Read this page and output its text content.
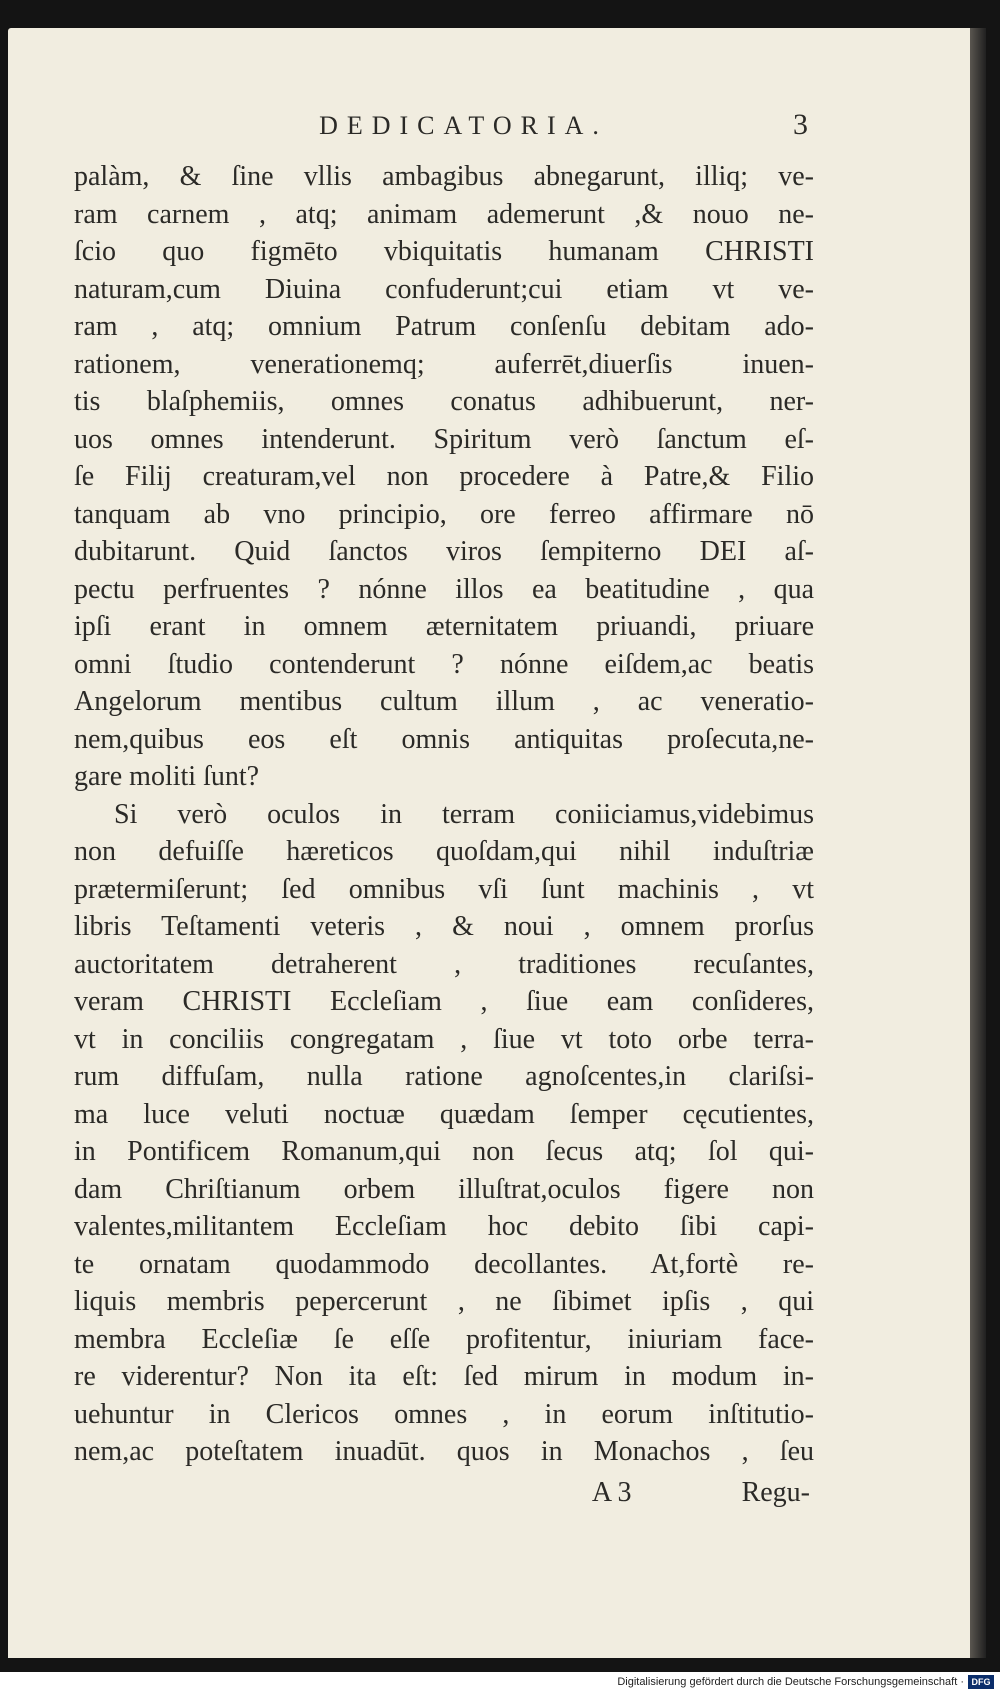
DEDICATORIA.	3
palàm, & ſine vllis ambagibus abnegarunt, illiq; ve-
ram carnem , atq; animam ademerunt ,& nouo ne-
ſcio quo figmēto vbiquitatis humanam CHRISTI
naturam,cum Diuina confuderunt;cui etiam vt ve-
ram , atq; omnium Patrum conſenſu debitam ado-
rationem, venerationemq; auferrēt,diuerſis inuen-
tis blaſphemiis, omnes conatus adhibuerunt, ner-
uos omnes intenderunt. Spiritum verò ſanctum eſ-
ſe Filij creaturam,vel non procedere à Patre,& Filio
tanquam ab vno principio, ore ferreo affirmare nō
dubitarunt. Quid ſanctos viros ſempiterno DEI aſ-
pectu perfruentes ? nónne illos ea beatitudine , qua
ipſi erant in omnem æternitatem priuandi, priuare
omni ſtudio contenderunt ? nónne eiſdem,ac beatis
Angelorum mentibus cultum illum , ac veneratio-
nem,quibus eos eſt omnis antiquitas proſecuta,ne-
gare moliti ſunt?
Si verò oculos in terram coniiciamus,videbimus
non defuiſſe hæreticos quoſdam,qui nihil induſtriæ
prætermiſerunt; ſed omnibus vſi ſunt machinis , vt
libris Teſtamenti veteris , & noui , omnem prorſus
auctoritatem detraherent , traditiones recuſantes,
veram CHRISTI Eccleſiam , ſiue eam conſideres,
vt in conciliis congregatam , ſiue vt toto orbe terra-
rum diffuſam, nulla ratione agnoſcentes,in clariſsi-
ma luce veluti noctuæ quædam ſemper cęcutientes,
in Pontificem Romanum,qui non ſecus atq; ſol qui-
dam Chriſtianum orbem illuſtrat,oculos figere non
valentes,militantem Eccleſiam hoc debito ſibi capi-
te ornatam quodammodo decollantes. At,fortè re-
liquis membris pepercerunt , ne ſibimet ipſis , qui
membra Eccleſiæ ſe eſſe profitentur, iniuriam face-
re viderentur? Non ita eſt: ſed mirum in modum in-
uehuntur in Clericos omnes , in eorum inſtitutio-
nem,ac poteſtatem inuadūt. quos in Monachos , ſeu
A 3	Regu-
Digitalisierung gefördert durch die Deutsche Forschungsgemeinschaft · DFG
